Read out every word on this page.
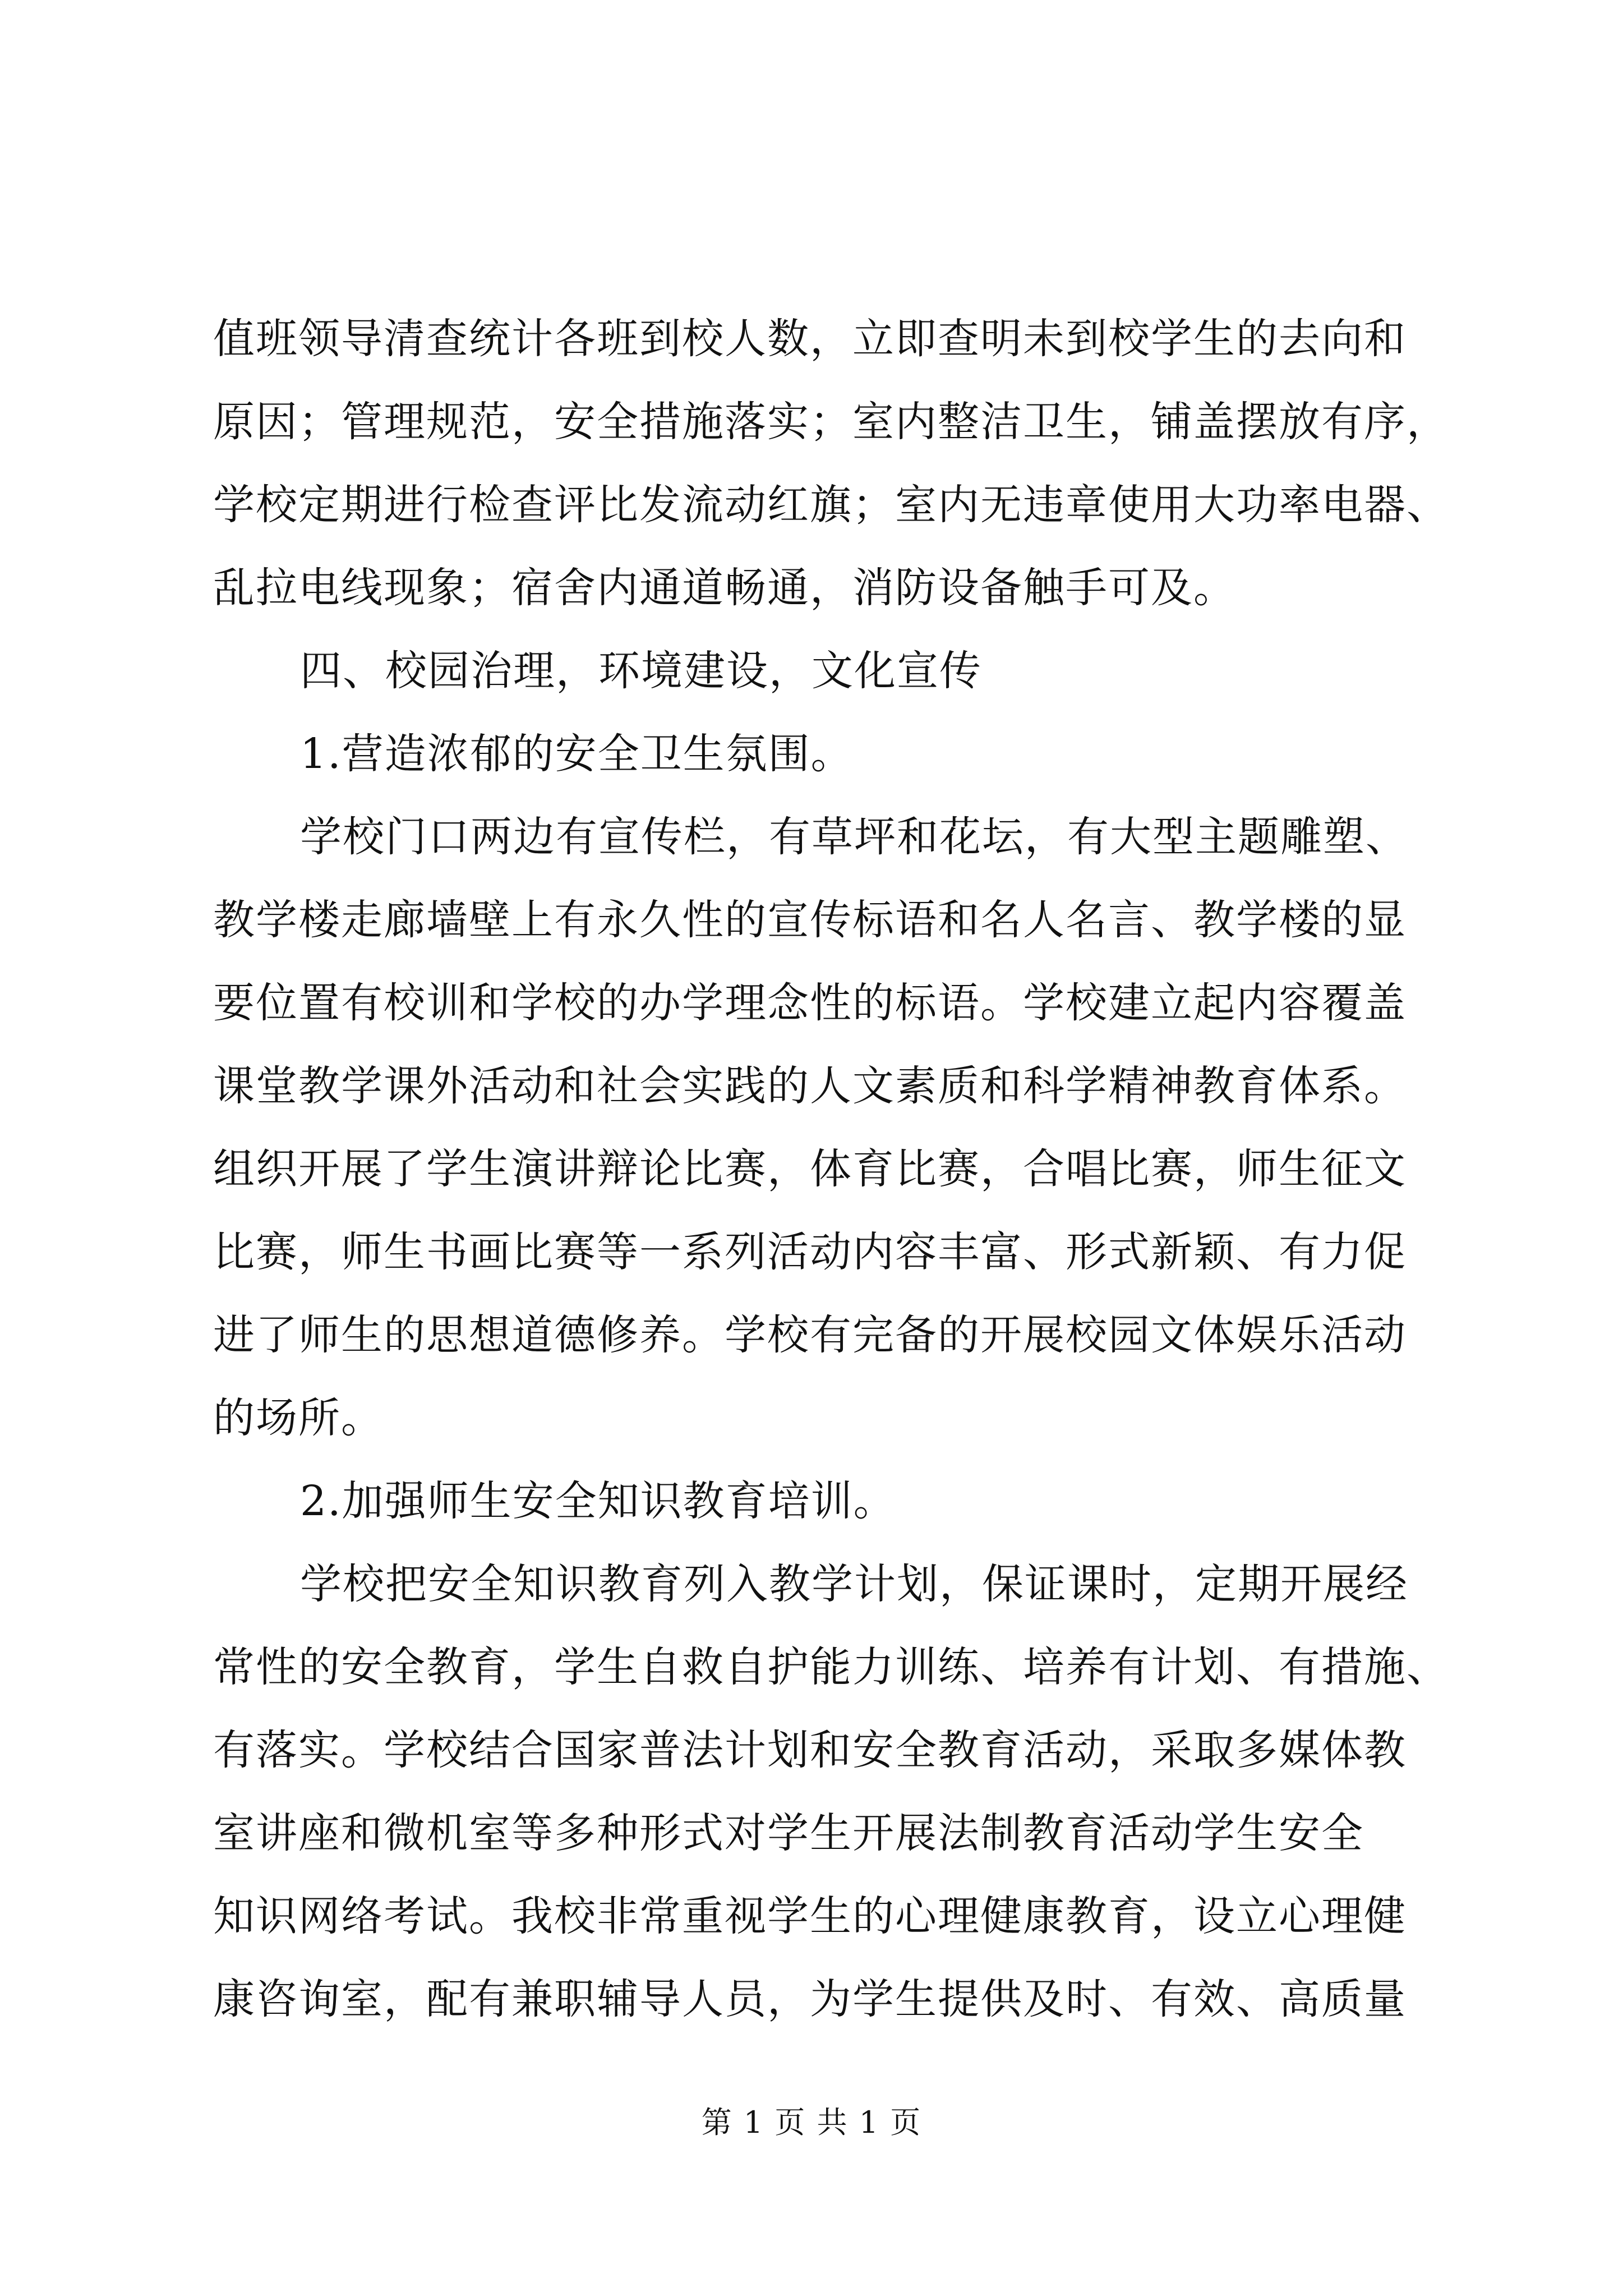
值班领导清查统计各班到校人数，立即查明未到校学生的去向和
原因；管理规范，安全措施落实；室内整洁卫生，铺盖摆放有序，
学校定期进行检查评比发流动红旗；室内无违章使用大功率电器、
乱拉电线现象；宿舍内通道畅通，消防设备触手可及。
四、校园治理，环境建设，文化宣传
1.营造浓郁的安全卫生氛围。
学校门口两边有宣传栏，有草坪和花坛，有大型主题雕塑、
教学楼走廊墙壁上有永久性的宣传标语和名人名言、教学楼的显
要位置有校训和学校的办学理念性的标语。学校建立起内容覆盖
课堂教学课外活动和社会实践的人文素质和科学精神教育体系。
组织开展了学生演讲辩论比赛，体育比赛，合唱比赛，师生征文
比赛，师生书画比赛等一系列活动内容丰富、形式新颖、有力促
进了师生的思想道德修养。学校有完备的开展校园文体娱乐活动
的场所。
2.加强师生安全知识教育培训。
学校把安全知识教育列入教学计划，保证课时，定期开展经
常性的安全教育，学生自救自护能力训练、培养有计划、有措施、
有落实。学校结合国家普法计划和安全教育活动，采取多媒体教
室讲座和微机室等多种形式对学生开展法制教育活动学生安全
知识网络考试。我校非常重视学生的心理健康教育，设立心理健
康咨询室，配有兼职辅导人员，为学生提供及时、有效、高质量
第 1 页 共 1 页
